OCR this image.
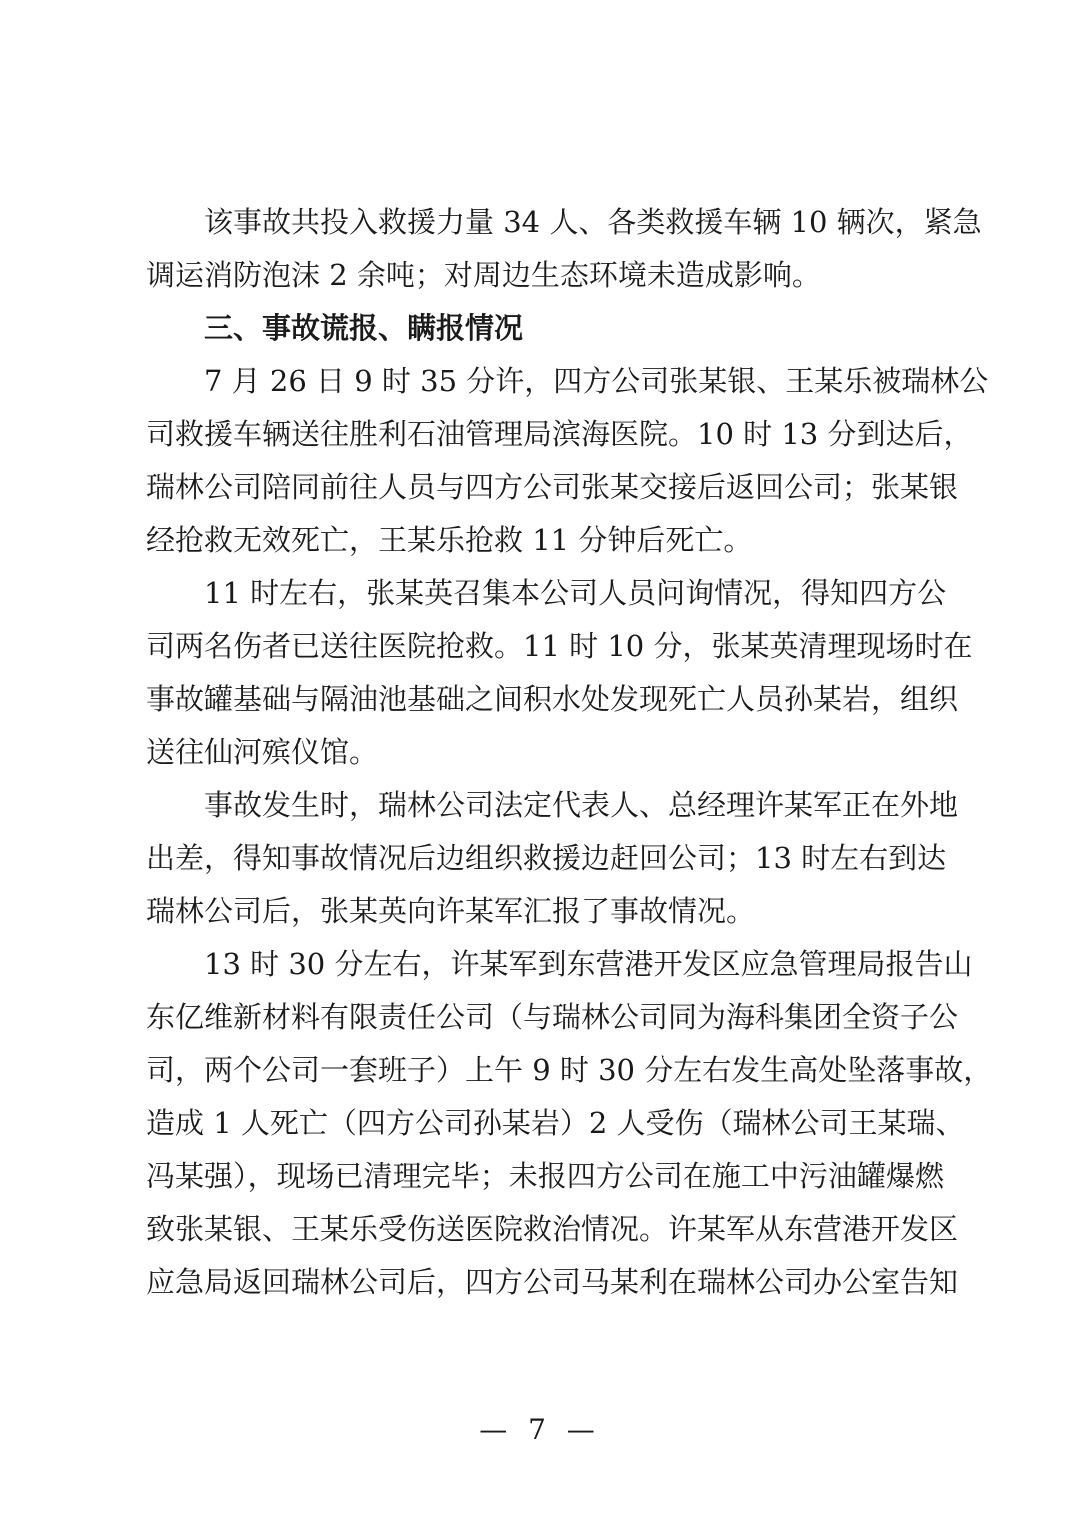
该事故共投入救援力量 34 人、各类救援车辆 10 辆次，紧急
调运消防泡沫 2 余吨；对周边生态环境未造成影响。
三、事故谎报、瞒报情况
7 月 26 日 9 时 35 分许，四方公司张某银、王某乐被瑞林公
司救援车辆送往胜利石油管理局滨海医院。10 时 13 分到达后，
瑞林公司陪同前往人员与四方公司张某交接后返回公司；张某银
经抢救无效死亡，王某乐抢救 11 分钟后死亡。
11 时左右，张某英召集本公司人员问询情况，得知四方公
司两名伤者已送往医院抢救。11 时 10 分，张某英清理现场时在
事故罐基础与隔油池基础之间积水处发现死亡人员孙某岩，组织
送往仙河殡仪馆。
事故发生时，瑞林公司法定代表人、总经理许某军正在外地
出差，得知事故情况后边组织救援边赶回公司；13 时左右到达
瑞林公司后，张某英向许某军汇报了事故情况。
13 时 30 分左右，许某军到东营港开发区应急管理局报告山
东亿维新材料有限责任公司（与瑞林公司同为海科集团全资子公
司，两个公司一套班子）上午 9 时 30 分左右发生高处坠落事故，
造成 1 人死亡（四方公司孙某岩）2 人受伤（瑞林公司王某瑞、
冯某强），现场已清理完毕；未报四方公司在施工中污油罐爆燃
致张某银、王某乐受伤送医院救治情况。许某军从东营港开发区
应急局返回瑞林公司后，四方公司马某利在瑞林公司办公室告知
— 7 —
